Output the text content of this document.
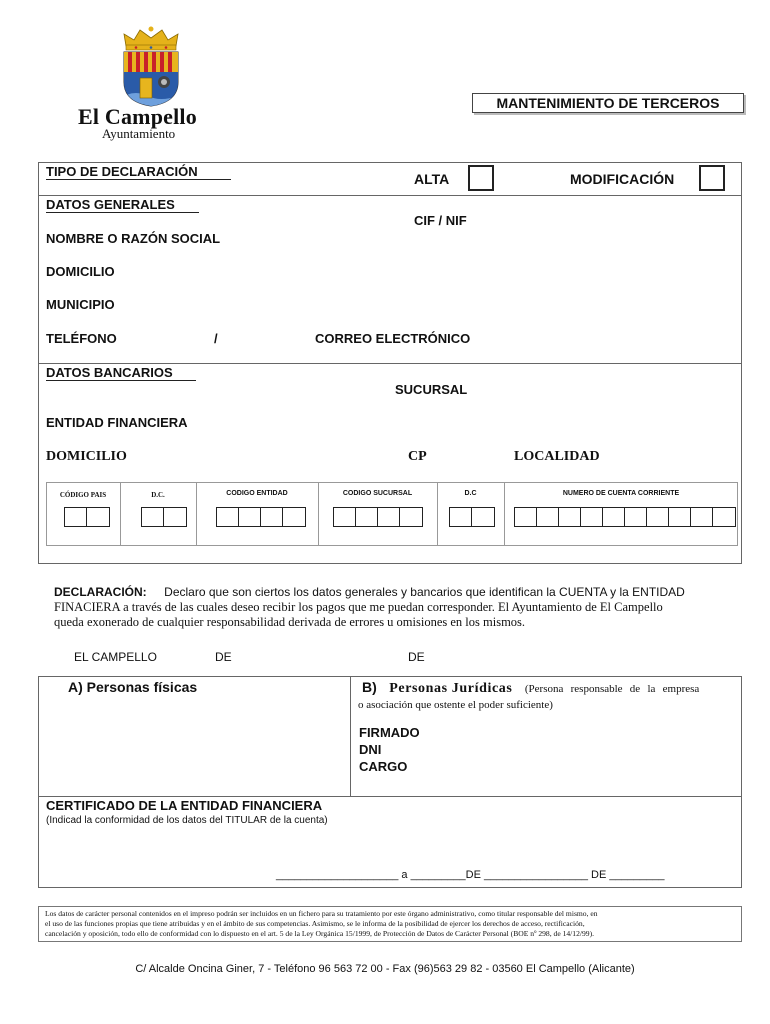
El Campello
Ayuntamiento
MANTENIMIENTO DE TERCEROS
TIPO DE DECLARACIÓN	ALTA	MODIFICACIÓN
DATOS GENERALES
CIF / NIF
NOMBRE O RAZÓN SOCIAL
DOMICILIO
MUNICIPIO
TELÉFONO	/	CORREO ELECTRÓNICO
DATOS BANCARIOS
SUCURSAL
ENTIDAD FINANCIERA
DOMICILIO	CP	LOCALIDAD
CÓDIGO PAIS	D.C.	CODIGO ENTIDAD	CODIGO SUCURSAL	D.C	NUMERO DE CUENTA CORRIENTE
DECLARACIÓN: Declaro que son ciertos los datos generales y bancarios que identifican la CUENTA y la ENTIDAD
FINACIERA a través de las cuales deseo recibir los pagos que me puedan corresponder. El Ayuntamiento de El Campello
queda exonerado de cualquier responsabilidad derivada de errores u omisiones en los mismos.
EL CAMPELLO	DE	DE
A) Personas físicas	B) Personas Jurídicas (Persona responsable de la empresa
o asociación que ostente el poder suficiente)
FIRMADO
DNI
CARGO
CERTIFICADO DE LA ENTIDAD FINANCIERA
(Indicad la conformidad de los datos del TITULAR de la cuenta)
____________________ a _________DE _________________ DE _________
Los datos de carácter personal contenidos en el impreso podrán ser incluidos en un fichero para su tratamiento por este órgano administrativo, como titular responsable del mismo, en
el uso de las funciones propias que tiene atribuidas y en el ámbito de sus competencias. Asimismo, se le informa de la posibilidad de ejercer los derechos de acceso, rectificación,
cancelación y oposición, todo ello de conformidad con lo dispuesto en el art. 5 de la Ley Orgánica 15/1999, de Protección de Datos de Carácter Personal (BOE nº 298, de 14/12/99).
C/ Alcalde Oncina Giner, 7 - Teléfono 96 563 72 00 - Fax (96)563 29 82 - 03560 El Campello (Alicante)
